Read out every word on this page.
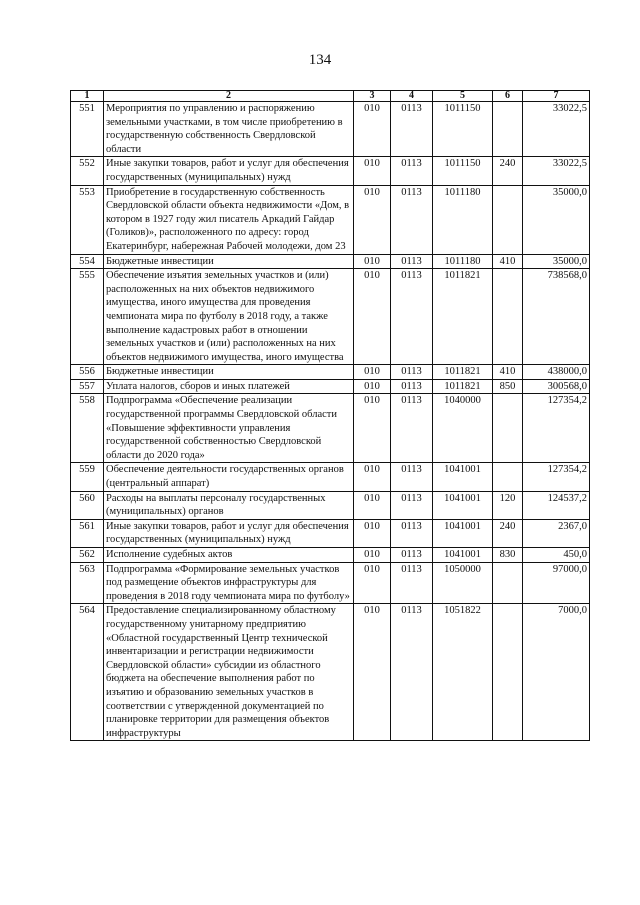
134
1	2	3	4	5	6	7
551	Мероприятия по управлению и распоряжению земельными участками, в том числе приобретению в государственную собственность Свердловской области	010	0113	1011150		33022,5
552	Иные закупки товаров, работ и услуг для обеспечения государственных (муниципальных) нужд	010	0113	1011150	240	33022,5
553	Приобретение в государственную собственность Свердловской области объекта недвижимости «Дом, в котором в 1927 году жил писатель Аркадий Гайдар (Голиков)», расположенного по адресу: город Екатеринбург, набережная Рабочей молодежи, дом 23	010	0113	1011180		35000,0
554	Бюджетные инвестиции	010	0113	1011180	410	35000,0
555	Обеспечение изъятия земельных участков и (или) расположенных на них объектов недвижимого имущества, иного имущества для проведения чемпионата мира по футболу в 2018 году, а также выполнение кадастровых работ в отношении земельных участков и (или) расположенных на них объектов недвижимого имущества, иного имущества	010	0113	1011821		738568,0
556	Бюджетные инвестиции	010	0113	1011821	410	438000,0
557	Уплата налогов, сборов и иных платежей	010	0113	1011821	850	300568,0
558	Подпрограмма «Обеспечение реализации государственной программы Свердловской области «Повышение эффективности управления государственной собственностью Свердловской области до 2020 года»	010	0113	1040000		127354,2
559	Обеспечение деятельности государственных органов (центральный аппарат)	010	0113	1041001		127354,2
560	Расходы на выплаты персоналу государственных (муниципальных) органов	010	0113	1041001	120	124537,2
561	Иные закупки товаров, работ и услуг для обеспечения государственных (муниципальных) нужд	010	0113	1041001	240	2367,0
562	Исполнение судебных актов	010	0113	1041001	830	450,0
563	Подпрограмма «Формирование земельных участков под размещение объектов инфраструктуры для проведения в 2018 году чемпионата мира по футболу»	010	0113	1050000		97000,0
564	Предоставление специализированному областному государственному унитарному предприятию «Областной государственный Центр технической инвентаризации и регистрации недвижимости Свердловской области» субсидии из областного бюджета на обеспечение выполнения работ по изъятию и образованию земельных участков в соответствии с утвержденной документацией по планировке территории для размещения объектов инфраструктуры	010	0113	1051822		7000,0
